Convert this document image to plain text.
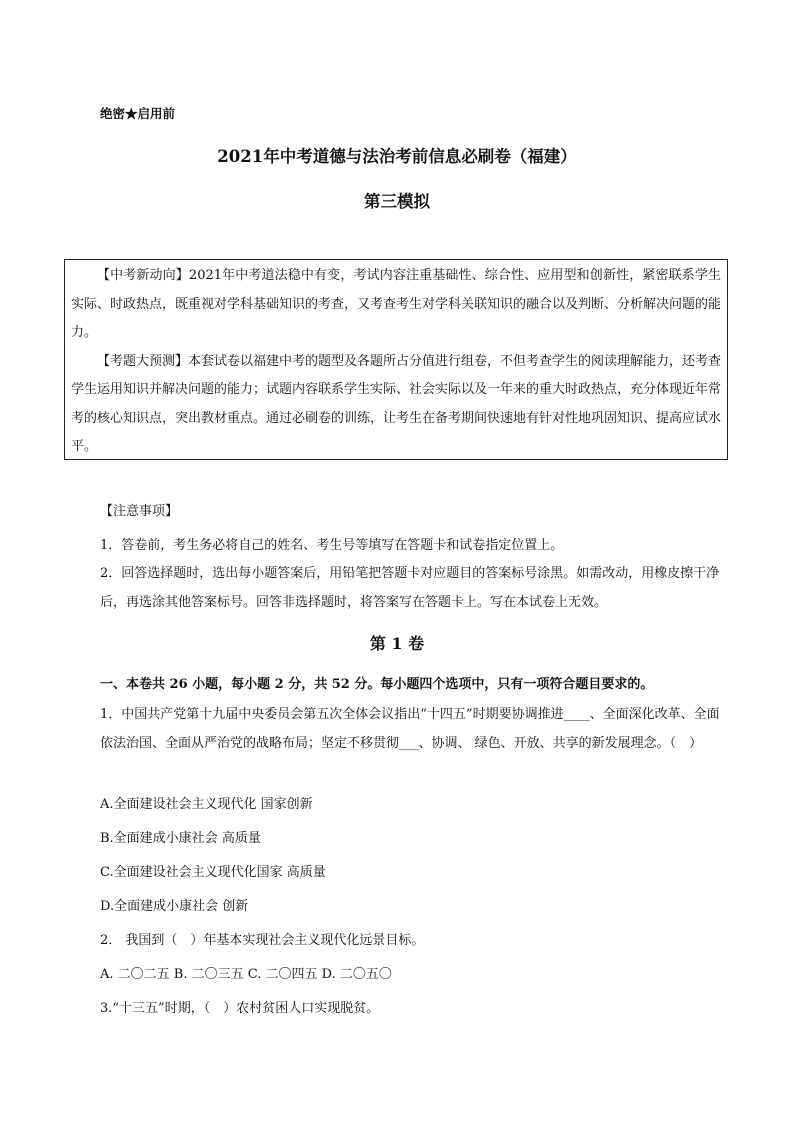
绝密★启用前
2021年中考道德与法治考前信息必刷卷（福建）
第三模拟

【中考新动向】2021年中考道法稳中有变，考试内容注重基础性、综合性、应用型和创新性，紧密联系学生实际、时政热点，既重视对学科基础知识的考查，又考查考生对学科关联知识的融合以及判断、分析解决问题的能力。

【考题大预测】本套试卷以福建中考的题型及各题所占分值进行组卷，不但考查学生的阅读理解能力，还考查学生运用知识并解决问题的能力；试题内容联系学生实际、社会实际以及一年来的重大时政热点，充分体现近年常考的核心知识点，突出教材重点。通过必刷卷的训练，让考生在备考期间快速地有针对性地巩固知识、提高应试水平。

【注意事项】
1．答卷前，考生务必将自己的姓名、考生号等填写在答题卡和试卷指定位置上。

2．回答选择题时，选出每小题答案后，用铅笔把答题卡对应题目的答案标号涂黑。如需改动，用橡皮擦干净后，再选涂其他答案标号。回答非选择题时，将答案写在答题卡上。写在本试卷上无效。

第 1 卷
一、本卷共 26 小题，每小题 2 分，共 52 分。每小题四个选项中，只有一项符合题目要求的。

1．中国共产党第十九届中央委员会第五次全体会议指出“十四五”时期要协调推进____、全面深化改革、全面依法治国、全面从严治党的战略布局；坚定不移贯彻___、协调、 绿色、开放、共享的新发展理念。（　）

A.全面建设社会主义现代化 国家创新
B.全面建成小康社会 高质量
C.全面建设社会主义现代化国家 高质量
D.全面建成小康社会 创新
2． 我国到（　）年基本实现社会主义现代化远景目标。
A. 二〇二五 B. 二〇三五 C. 二〇四五 D. 二〇五〇
3.“十三五”时期，（　）农村贫困人口实现脱贫。
